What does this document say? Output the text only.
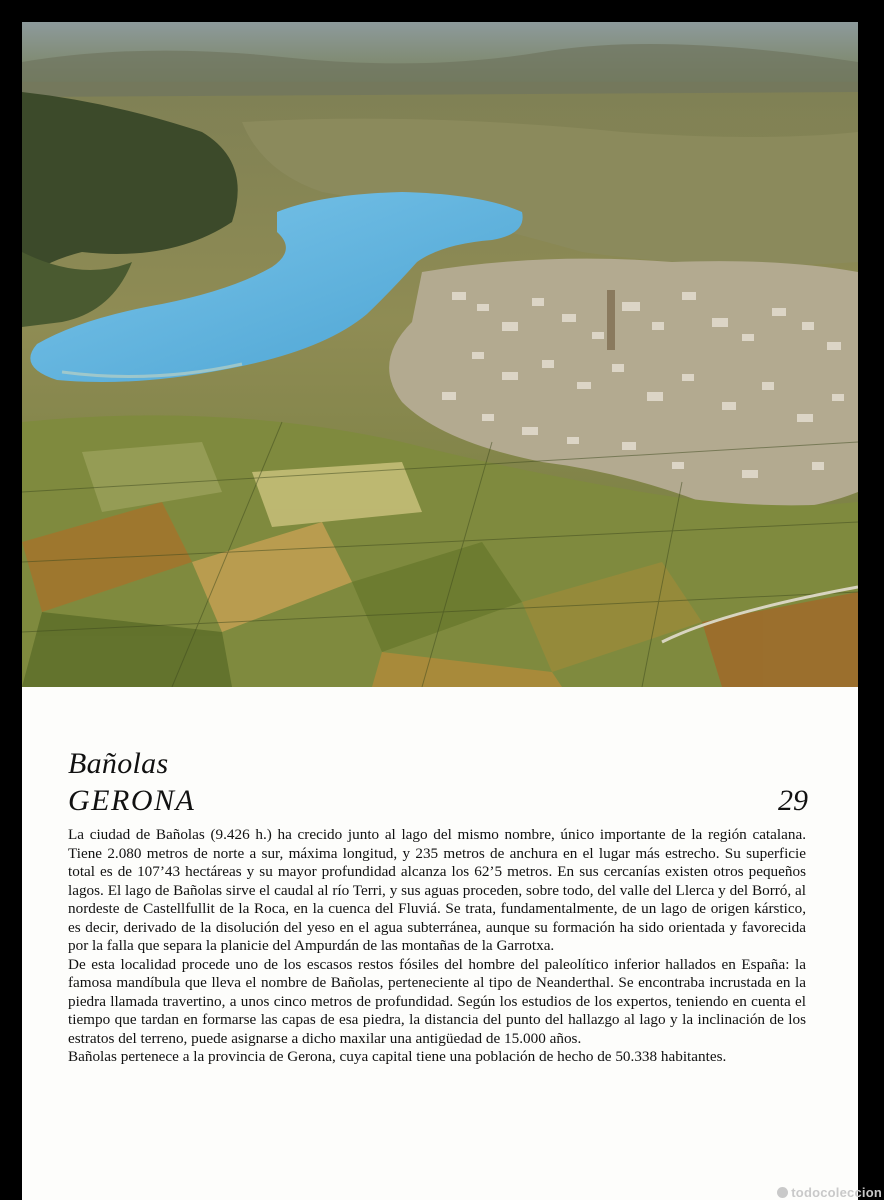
Bañolas
GERONA	29

La ciudad de Bañolas (9.426 h.) ha crecido junto al lago del mismo nombre, único importante de la región catalana. Tiene 2.080 metros de norte a sur, máxima longitud, y 235 metros de anchura en el lugar más estrecho. Su superficie total es de 107’43 hectáreas y su mayor profundidad alcanza los 62’5 metros. En sus cercanías existen otros pequeños lagos. El lago de Bañolas sirve el caudal al río Terri, y sus aguas proceden, sobre todo, del valle del Llerca y del Borró, al nordeste de Castellfullit de la Roca, en la cuenca del Fluviá. Se trata, fundamentalmente, de un lago de origen kárstico, es decir, derivado de la disolución del yeso en el agua subterránea, aunque su formación ha sido orientada y favorecida por la falla que separa la planicie del Ampurdán de las montañas de la Garrotxa.

De esta localidad procede uno de los escasos restos fósiles del hombre del paleolítico inferior hallados en España: la famosa mandíbula que lleva el nombre de Bañolas, perteneciente al tipo de Neanderthal. Se encontraba incrustada en la piedra llamada travertino, a unos cinco metros de profundidad. Según los estudios de los expertos, teniendo en cuenta el tiempo que tardan en formarse las capas de esa piedra, la distancia del punto del hallazgo al lago y la inclinación de los estratos del terreno, puede asignarse a dicho maxilar una antigüedad de 15.000 años.

Bañolas pertenece a la provincia de Gerona, cuya capital tiene una población de hecho de 50.338 habitantes.

todocoleccion
